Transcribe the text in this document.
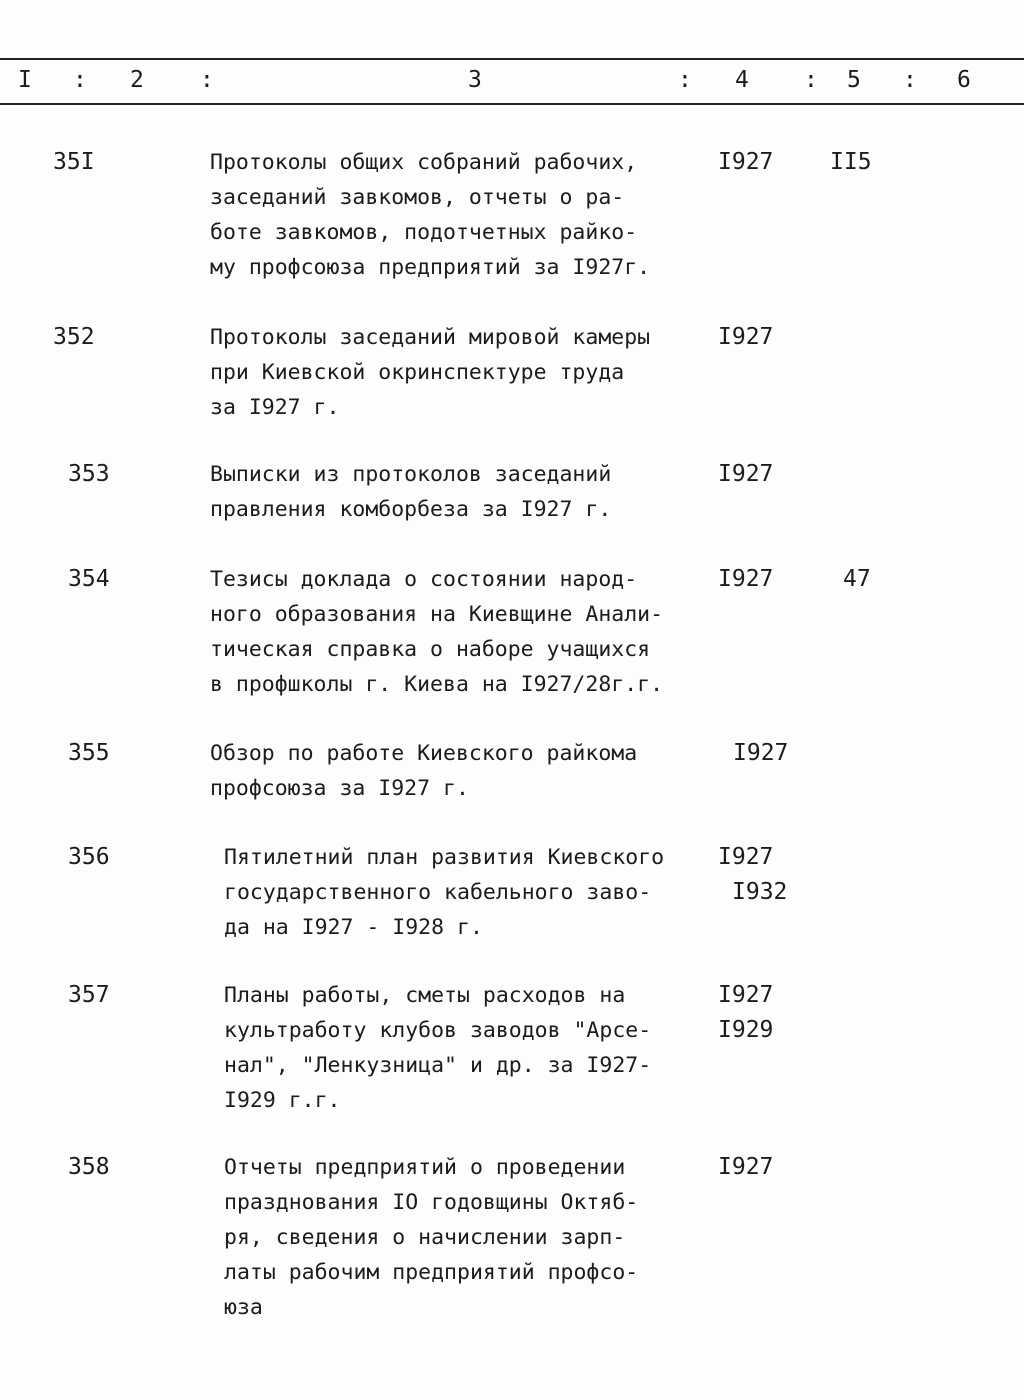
I : 2 :	3	: 4 : 5 : 6
35I	Протоколы общих собраний рабочих,
заседаний завкомов, отчеты о ра-
боте завкомов, подотчетных райко-
му профсоюза предприятий за I927г.
I927 II5
352	Протоколы заседаний мировой камеры
при Киевской окринспектуре труда
за I927 г.
I927
353	Выписки из протоколов заседаний
правления комборбеза за I927 г.
I927
354	Тезисы доклада о состоянии народ-
ного образования на Киевщине Анали-
тическая справка о наборе учащихся
в профшколы г. Киева на I927/28г.г.
I927	47
355	Обзор по работе Киевского райкома
профсоюза за I927 г.
I927
356	Пятилетний план развития Киевского
государственного кабельного заво-
да на I927 - I928 г.
I927
I932
357	Планы работы, сметы расходов на
культработу клубов заводов "Арсе-
нал", "Ленкузница" и др. за I927-
I929 г.г.
I927
I929
358	Отчеты предприятий о проведении
празднования IO годовщины Октяб-
ря, сведения о начислении зарп-
латы рабочим предприятий профсо-
юза
I927
